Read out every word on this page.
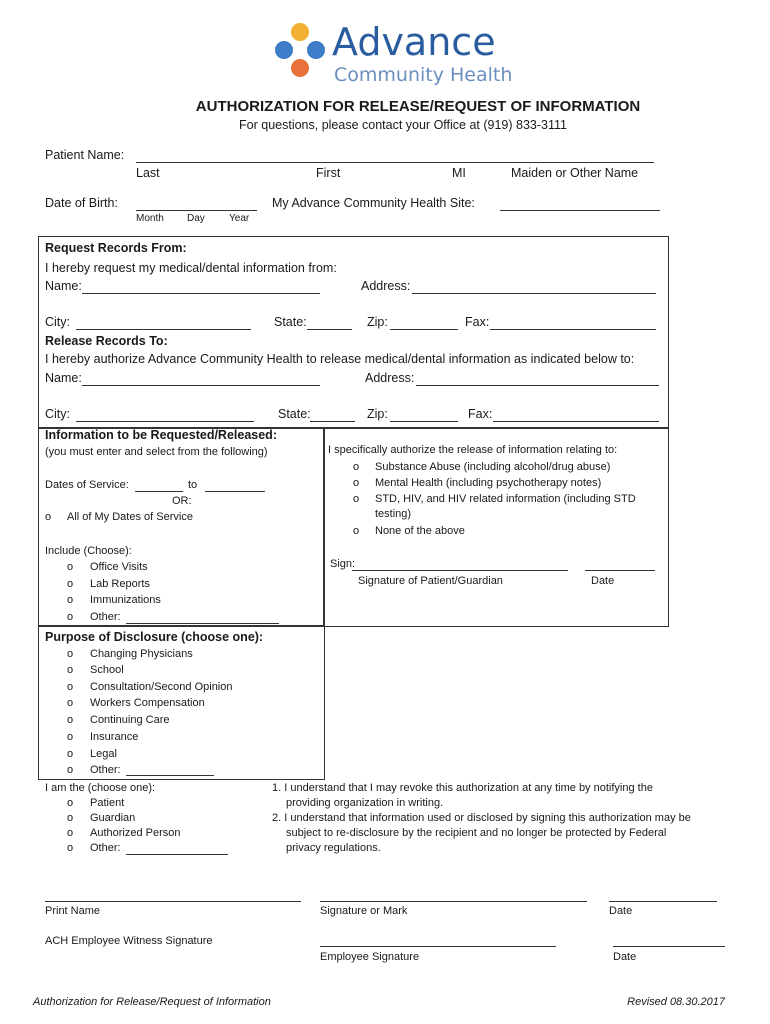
Advance
Community Health
AUTHORIZATION FOR RELEASE/REQUEST OF INFORMATION
For questions, please contact your Office at (919) 833-3111
Patient Name:
Last	First	MI	Maiden or Other Name
Date of Birth:
Month Day Year
My Advance Community Health Site:
Request Records From:
I hereby request my medical/dental information from:
Name:	Address:
City:	State:	Zip:	Fax:
Release Records To:
I hereby authorize Advance Community Health to release medical/dental information as indicated below to:
Name:	Address:
City:	State:	Zip:	Fax:
Information to be Requested/Released:
(you must enter and select from the following)
Dates of Service:	to
OR:
o All of My Dates of Service
Include (Choose):
o Office Visits
o Lab Reports
o Immunizations
o Other:
I specifically authorize the release of information relating to:
o Substance Abuse (including alcohol/drug abuse)
o Mental Health (including psychotherapy notes)
o STD, HIV, and HIV related information (including STD
testing)
o None of the above
Sign:
Signature of Patient/Guardian	Date
Purpose of Disclosure (choose one):
o Changing Physicians
o School
o Consultation/Second Opinion
o Workers Compensation
o Continuing Care
o Insurance
o Legal
o Other:
I am the (choose one):
o Patient
o Guardian
o Authorized Person
o Other:
1. I understand that I may revoke this authorization at any time by notifying the
providing organization in writing.
2. I understand that information used or disclosed by signing this authorization may be
subject to re-disclosure by the recipient and no longer be protected by Federal
privacy regulations.
Print Name	Signature or Mark	Date
ACH Employee Witness Signature
Employee Signature	Date
Authorization for Release/Request of Information	Revised 08.30.2017
